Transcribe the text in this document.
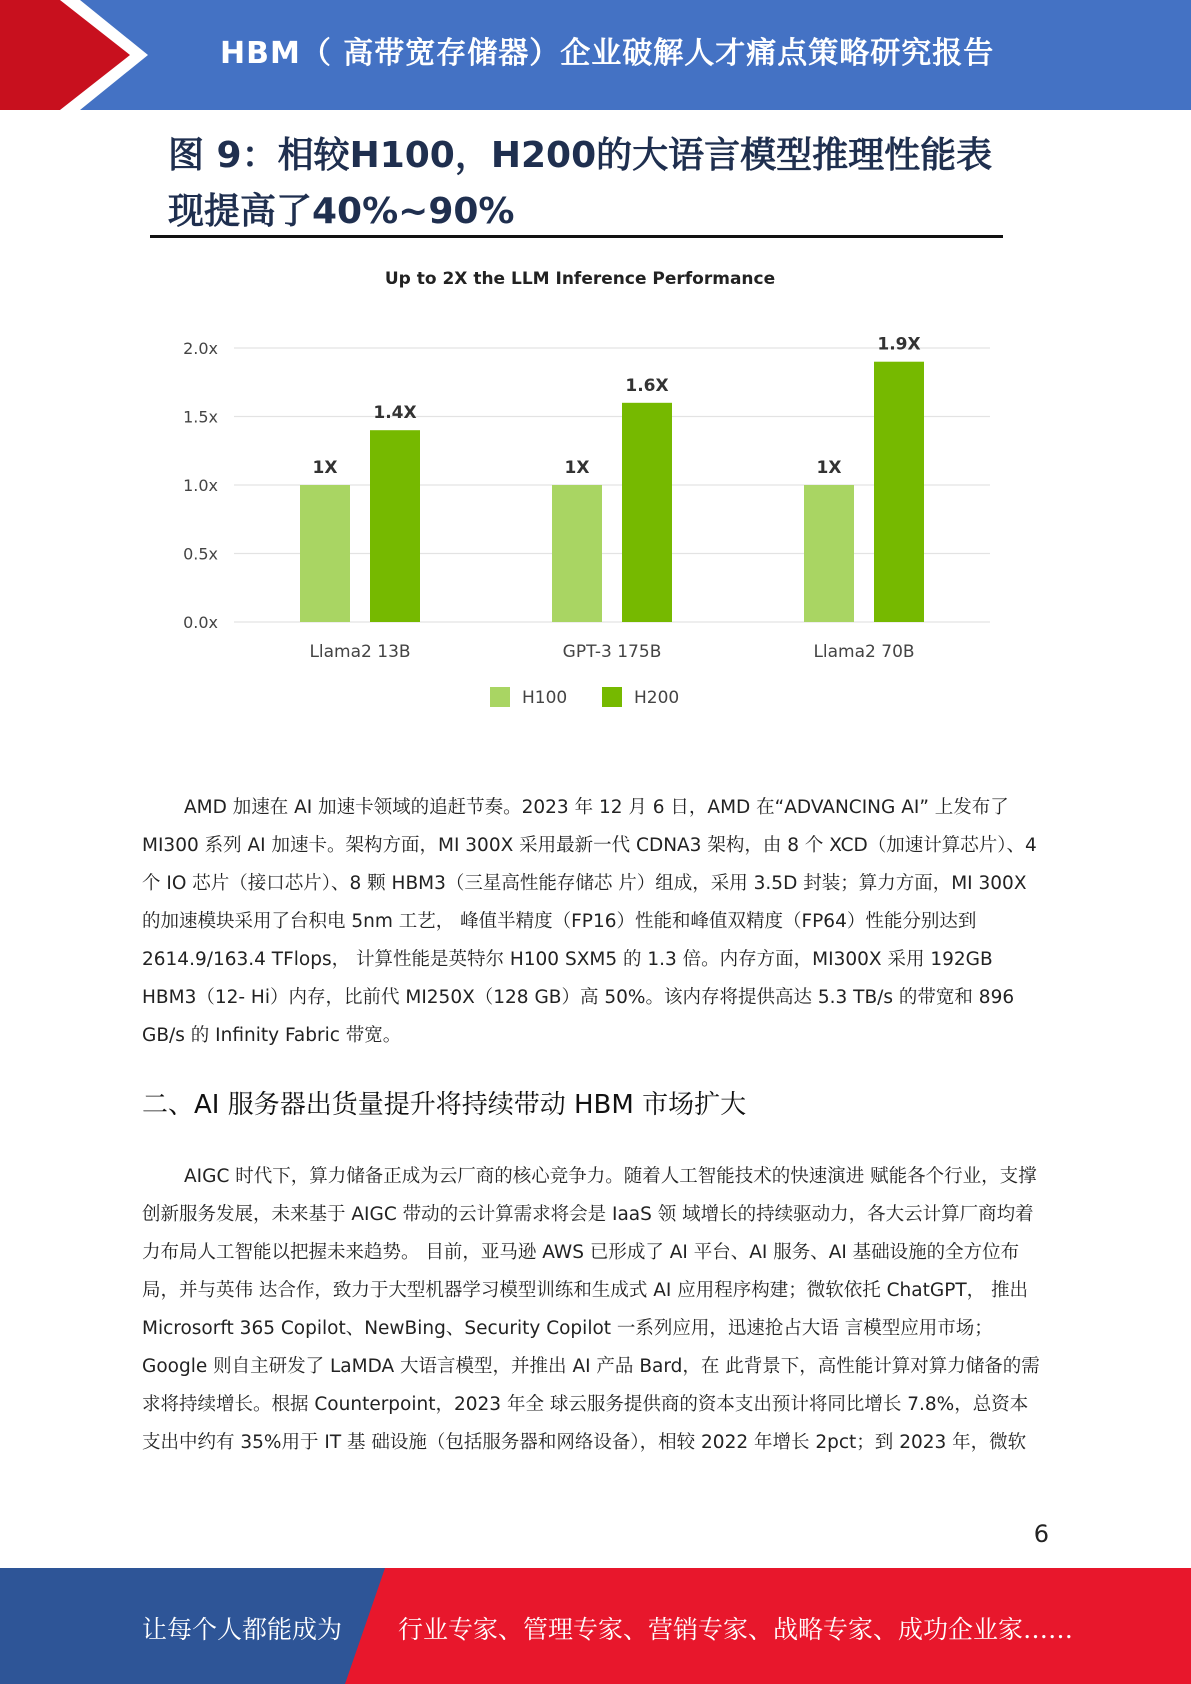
HBM（ 高带宽存储器）企业破解人才痛点策略研究报告
图 9：相较H100，H200的大语言模型推理性能表现提高了40%~90%
Up to 2X the LLM Inference Performance
0.0x
0.5x
1.0x
1.5x
2.0x
1X
1.4X
1X
1.6X
1X
1.9X
Llama2 13B	GPT-3 175B	Llama2 70B
H100	H200
AMD 加速在 AI 加速卡领域的追赶节奏。2023 年 12 月 6 日，AMD 在“ADVANCING AI” 上发布了 MI300 系列 AI 加速卡。架构方面，MI 300X 采用最新一代 CDNA3 架构，由 8 个 XCD（加速计算芯片）、4 个 IO 芯片（接口芯片）、8 颗 HBM3（三星高性能存储芯 片）组成，采用 3.5D 封装；算力方面，MI 300X 的加速模块采用了台积电 5nm 工艺， 峰值半精度（FP16）性能和峰值双精度（FP64）性能分别达到 2614.9/163.4 TFlops， 计算性能是英特尔 H100 SXM5 的 1.3 倍。内存方面，MI300X 采用 192GB HBM3（12- Hi）内存，比前代 MI250X（128 GB）高 50%。该内存将提供高达 5.3 TB/s 的带宽和 896 GB/s 的 Infinity Fabric 带宽。
二、AI 服务器出货量提升将持续带动 HBM 市场扩大
AIGC 时代下，算力储备正成为云厂商的核心竞争力。随着人工智能技术的快速演进 赋能各个行业，支撑创新服务发展，未来基于 AIGC 带动的云计算需求将会是 IaaS 领 域增长的持续驱动力，各大云计算厂商均着力布局人工智能以把握未来趋势。 目前，亚马逊 AWS 已形成了 AI 平台、AI 服务、AI 基础设施的全方位布局，并与英伟 达合作，致力于大型机器学习模型训练和生成式 AI 应用程序构建；微软依托 ChatGPT， 推出 Microsorft 365 Copilot、NewBing、Security Copilot 一系列应用，迅速抢占大语 言模型应用市场；Google 则自主研发了 LaMDA 大语言模型，并推出 AI 产品 Bard，在 此背景下，高性能计算对算力储备的需求将持续增长。根据 Counterpoint，2023 年全 球云服务提供商的资本支出预计将同比增长 7.8%，总资本支出中约有 35%用于 IT 基 础设施（包括服务器和网络设备），相较 2022 年增长 2pct；到 2023 年，微软
6
让每个人都能成为 行业专家、管理专家、营销专家、战略专家、成功企业家……
